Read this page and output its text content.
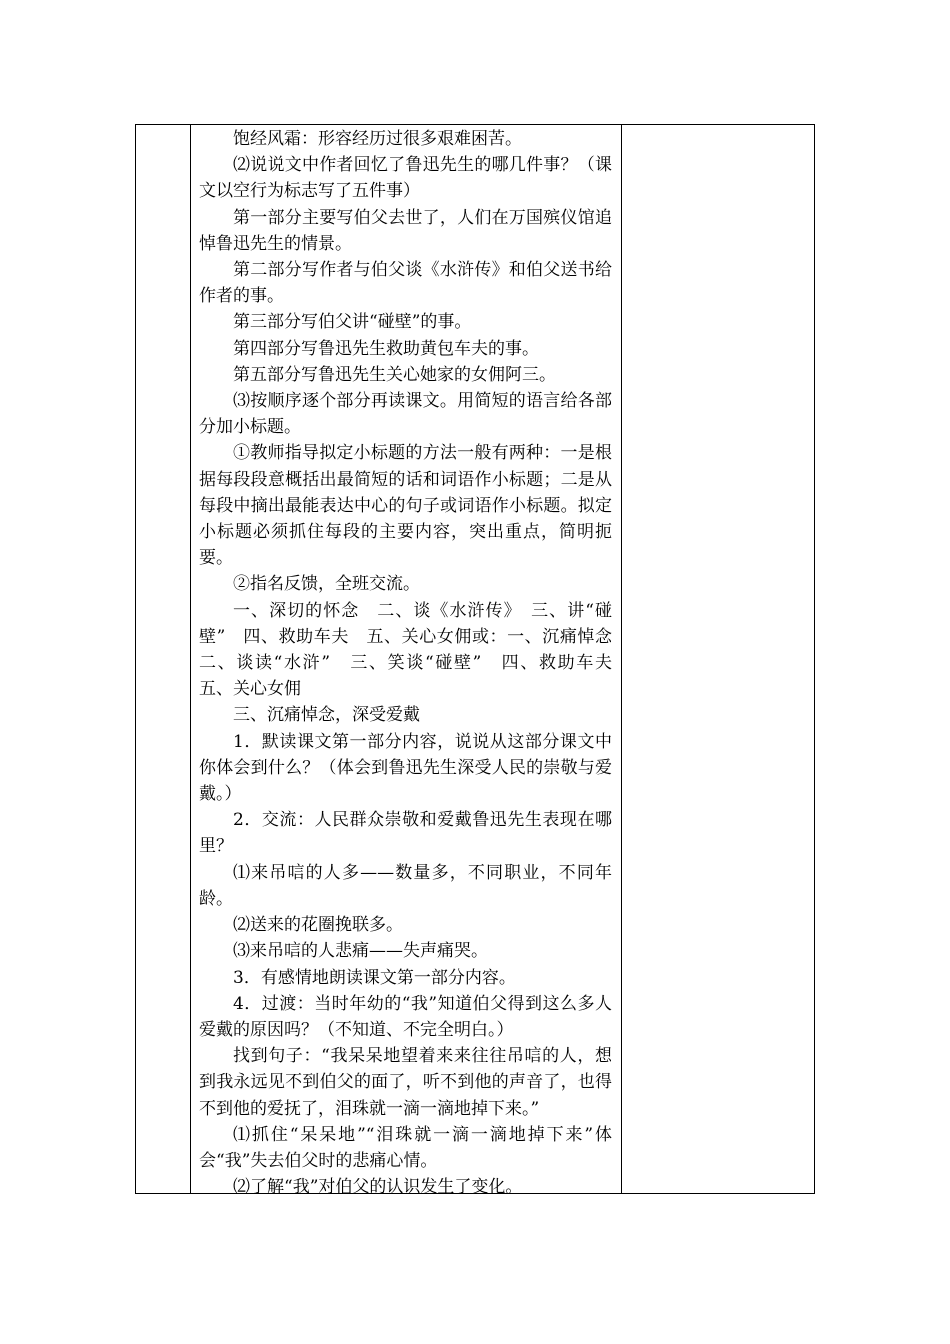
饱经风霜：形容经历过很多艰难困苦。

⑵说说文中作者回忆了鲁迅先生的哪几件事？（课文以空行为标志写了五件事）

第一部分主要写伯父去世了，人们在万国殡仪馆追悼鲁迅先生的情景。

第二部分写作者与伯父谈《水浒传》和伯父送书给作者的事。

第三部分写伯父讲“碰壁”的事。

第四部分写鲁迅先生救助黄包车夫的事。

第五部分写鲁迅先生关心她家的女佣阿三。

⑶按顺序逐个部分再读课文。用简短的语言给各部分加小标题。

①教师指导拟定小标题的方法一般有两种：一是根据每段段意概括出最简短的话和词语作小标题；二是从每段中摘出最能表达中心的句子或词语作小标题。拟定小标题必须抓住每段的主要内容，突出重点，简明扼要。

②指名反馈，全班交流。

一、深切的怀念　二、谈《水浒传》　三、讲“碰壁”　四、救助车夫　五、关心女佣或：一、沉痛悼念　二、谈读“水浒”　三、笑谈“碰壁”　四、救助车夫　五、关心女佣

三、沉痛悼念，深受爱戴

1．默读课文第一部分内容，说说从这部分课文中你体会到什么？（体会到鲁迅先生深受人民的崇敬与爱戴。）

2．交流：人民群众崇敬和爱戴鲁迅先生表现在哪里？

⑴来吊唁的人多——数量多，不同职业，不同年龄。

⑵送来的花圈挽联多。

⑶来吊唁的人悲痛——失声痛哭。

3．有感情地朗读课文第一部分内容。

4．过渡：当时年幼的“我”知道伯父得到这么多人爱戴的原因吗？（不知道、不完全明白。）

找到句子：“我呆呆地望着来来往往吊唁的人，想到我永远见不到伯父的面了，听不到他的声音了，也得不到他的爱抚了，泪珠就一滴一滴地掉下来。”

⑴抓住“呆呆地”“泪珠就一滴一滴地掉下来”体会“我”失去伯父时的悲痛心情。

⑵了解“我”对伯父的认识发生了变化。
